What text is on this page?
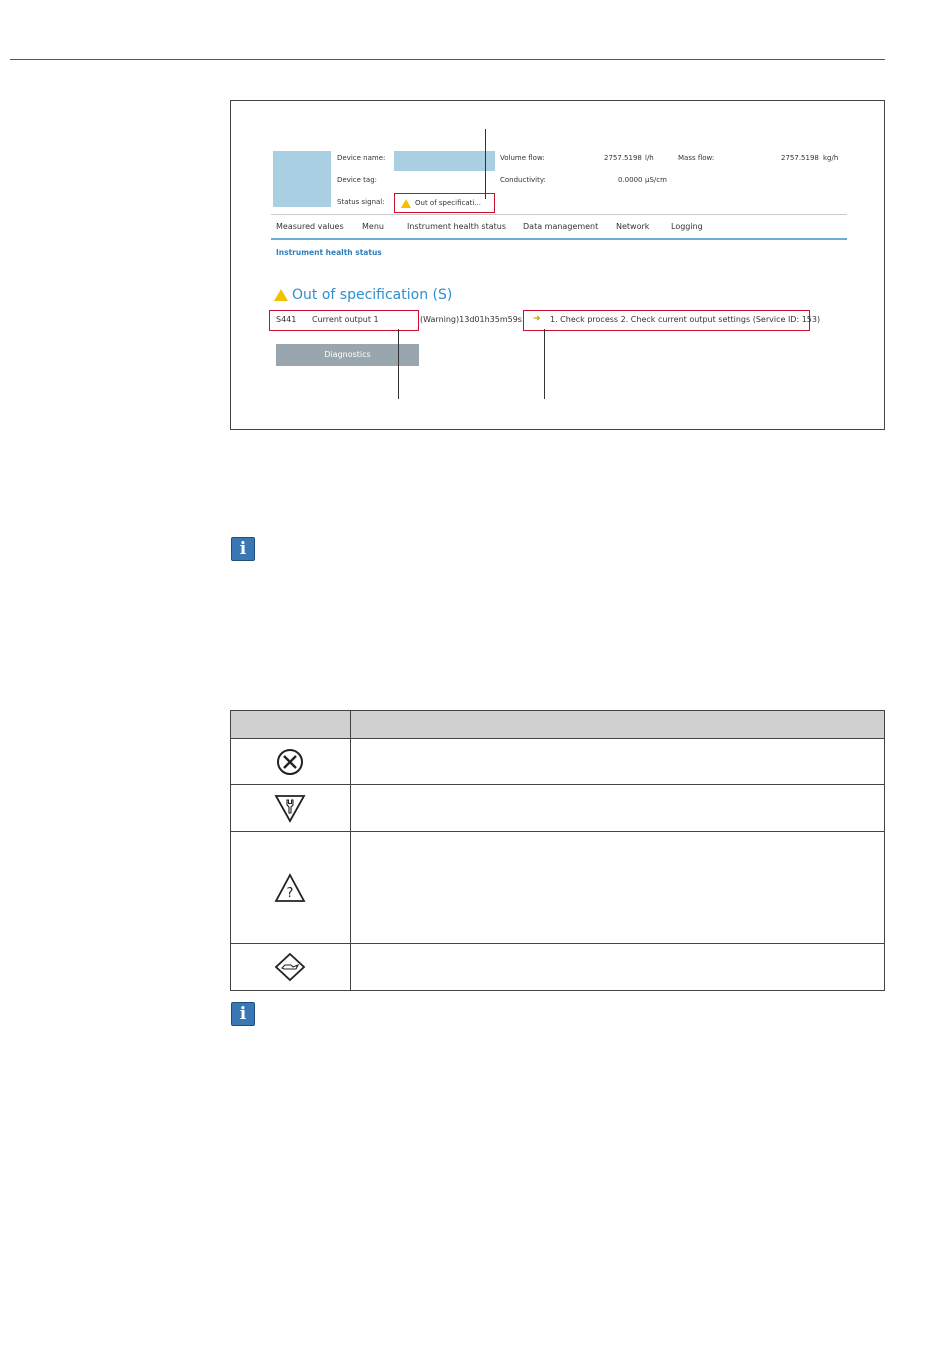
Device name:
Device tag:
Status signal:	Out of specificati...
Volume flow:	2757.5198 l/h	Mass flow:	2757.5198 kg/h
Conductivity:	0.0000 µS/cm
Measured values Menu	Instrument health status Data management Network	Logging
Instrument health status
Out of specification (S)
S441 Current output 1	(Warning)13d01h35m59s ➜ 1. Check process 2. Check current output settings (Service ID: 153)
Diagnostics
i

?	

i
